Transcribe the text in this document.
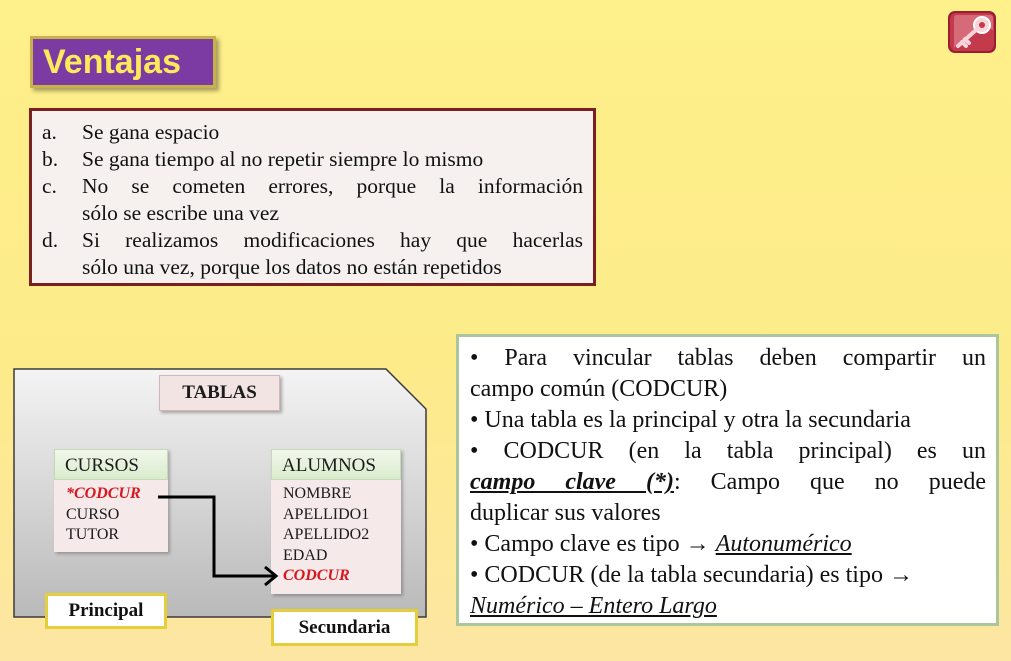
Ventajas
a.	Se gana espacio
b.	Se gana tiempo al no repetir siempre lo mismo
c.	No se cometen errores, porque la información
sólo se escribe una vez
d.	Si realizamos modificaciones hay que hacerlas
sólo una vez, porque los datos no están repetidos
TABLAS
CURSOS
*CODCUR
CURSO
TUTOR
ALUMNOS
NOMBRE
APELLIDO1
APELLIDO2
EDAD
CODCUR
Principal
Secundaria
• Para vincular tablas deben compartir un
campo común (CODCUR)
• Una tabla es la principal y otra la secundaria
• CODCUR (en la tabla principal) es un
campo clave (*): Campo que no puede
duplicar sus valores
• Campo clave es tipo → Autonumérico
• CODCUR (de la tabla secundaria) es tipo →
Numérico – Entero Largo
